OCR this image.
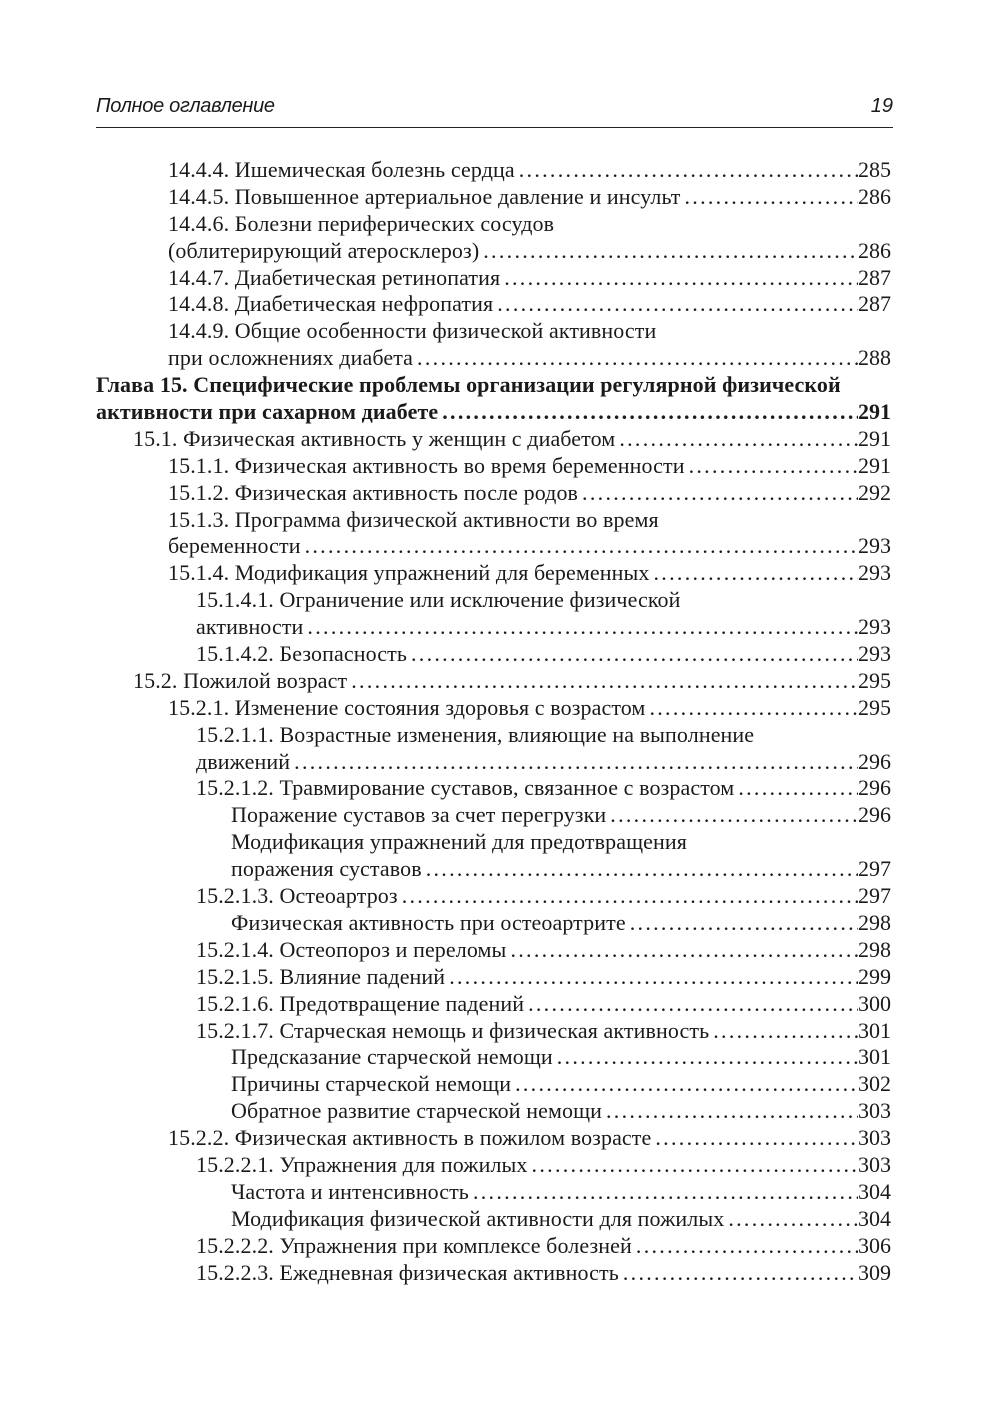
Полное оглавление	19
14.4.4. Ишемическая болезнь сердца . . .	285
14.4.5. Повышенное артериальное давление и инсульт . . .	286
14.4.6. Болезни периферических сосудов
(облитерирующий атеросклероз) . . .	286
14.4.7. Диабетическая ретинопатия . . .	287
14.4.8. Диабетическая нефропатия . . .	287
14.4.9. Общие особенности физической активности
при осложнениях диабета . . .	288
Глава 15. Специфические проблемы организации регулярной физической
активности при сахарном диабете . . .	291
15.1. Физическая активность у женщин с диабетом . . .	291
15.1.1. Физическая активность во время беременности . . .	291
15.1.2. Физическая активность после родов . . .	292
15.1.3. Программа физической активности во время
беременности . . .	293
15.1.4. Модификация упражнений для беременных . . .	293
15.1.4.1. Ограничение или исключение физической
активности . . .	293
15.1.4.2. Безопасность . . .	293
15.2. Пожилой возраст . . .	295
15.2.1. Изменение состояния здоровья с возрастом . . .	295
15.2.1.1. Возрастные изменения, влияющие на выполнение
движений . . .	296
15.2.1.2. Травмирование суставов, связанное с возрастом . . .	296
Поражение суставов за счет перегрузки . . .	296
Модификация упражнений для предотвращения
поражения суставов . . .	297
15.2.1.3. Остеоартроз . . .	297
Физическая активность при остеоартрите . . .	298
15.2.1.4. Остеопороз и переломы . . .	298
15.2.1.5. Влияние падений . . .	299
15.2.1.6. Предотвращение падений . . .	300
15.2.1.7. Старческая немощь и физическая активность . . .	301
Предсказание старческой немощи . . .	301
Причины старческой немощи . . .	302
Обратное развитие старческой немощи . . .	303
15.2.2. Физическая активность в пожилом возрасте . . .	303
15.2.2.1. Упражнения для пожилых . . .	303
Частота и интенсивность . . .	304
Модификация физической активности для пожилых . . .	304
15.2.2.2. Упражнения при комплексе болезней . . .	306
15.2.2.3. Ежедневная физическая активность . . .	309
